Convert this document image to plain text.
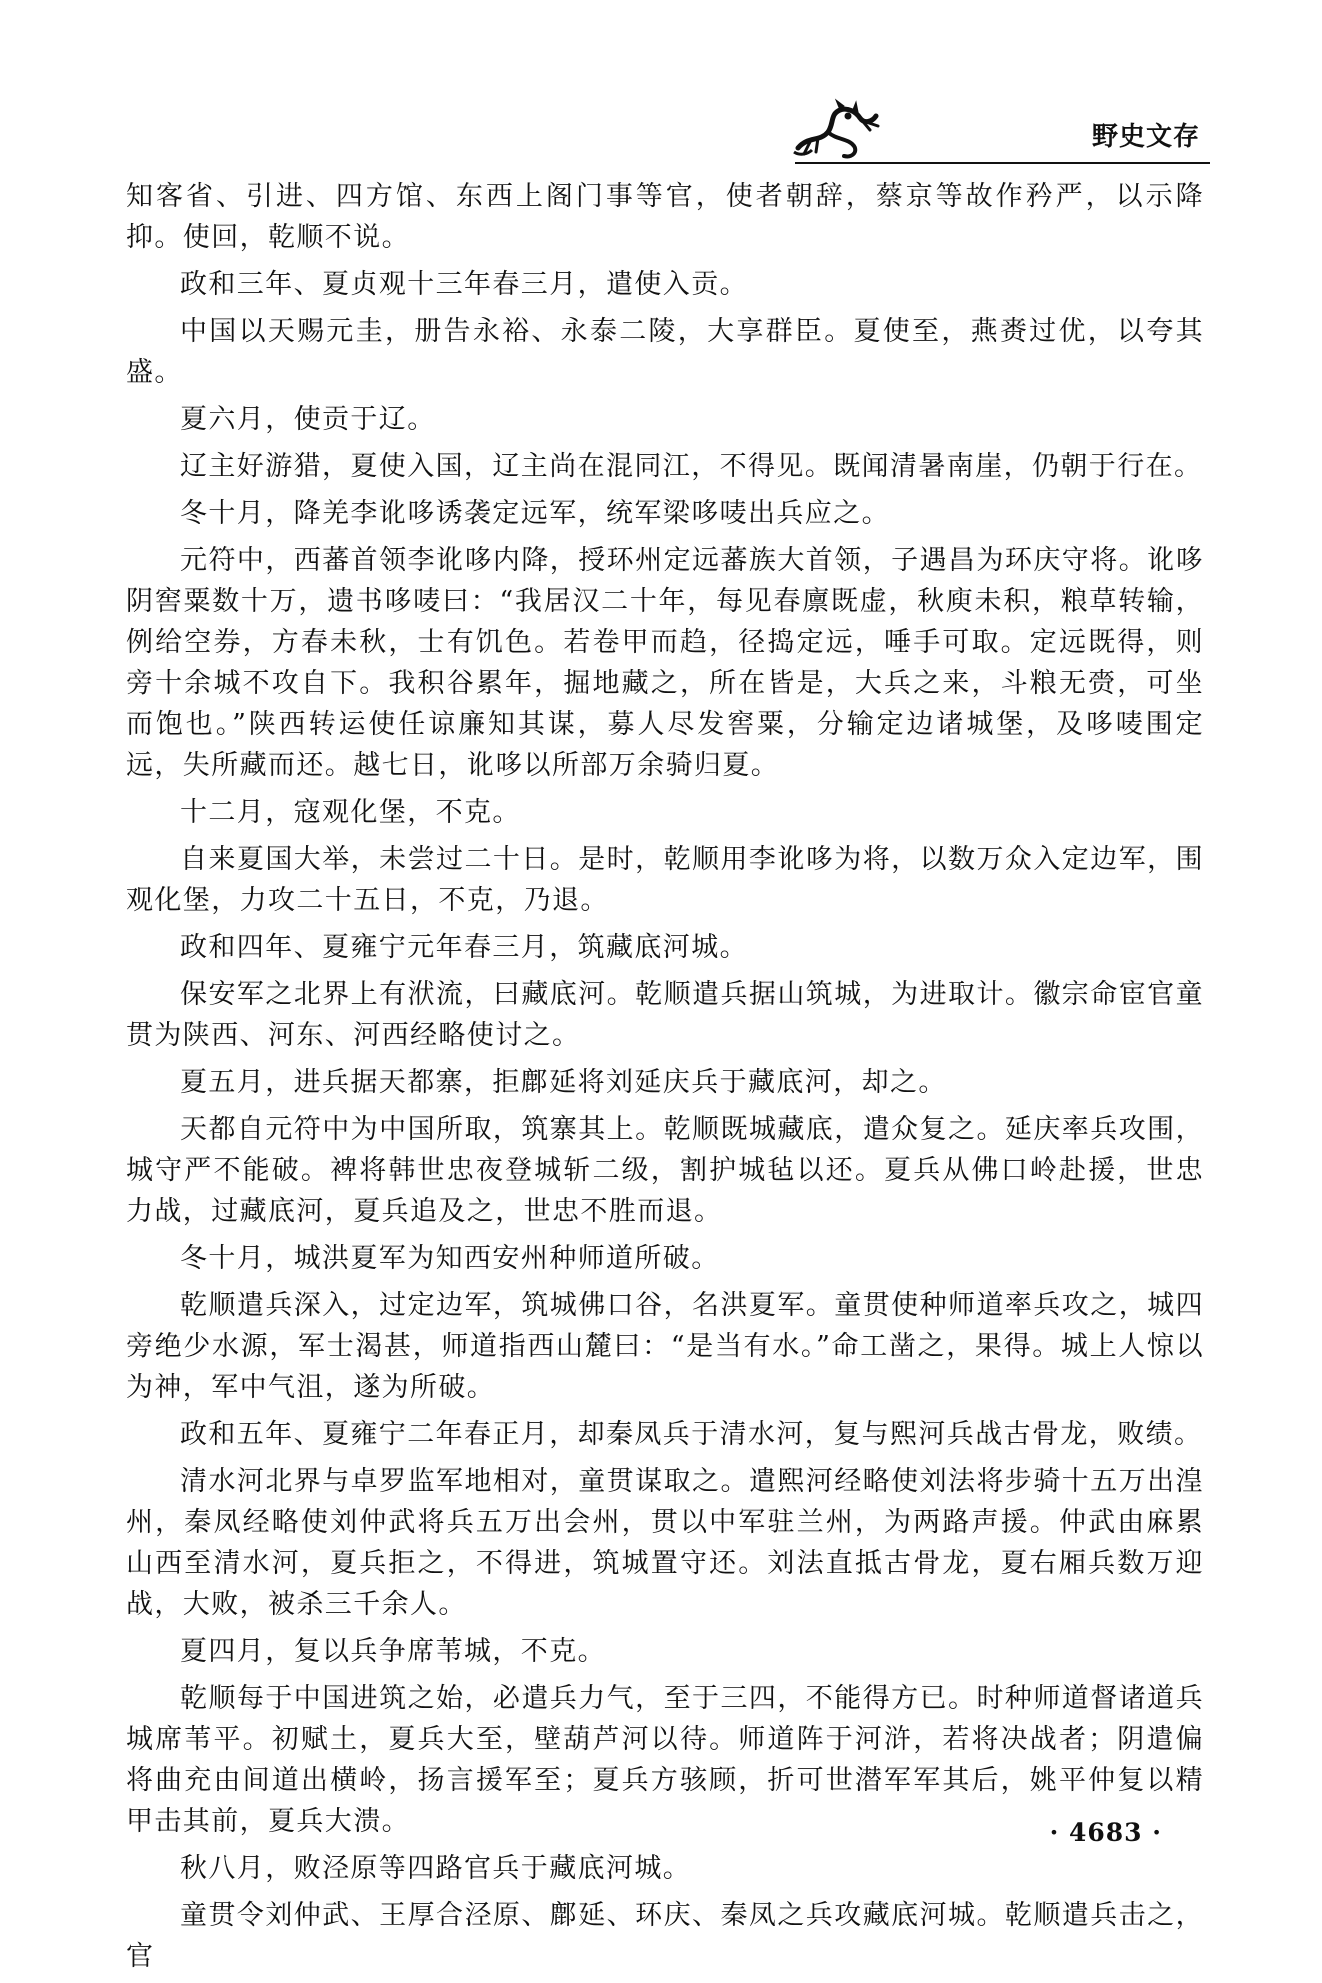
野史文存

知客省、引进、四方馆、东西上阁门事等官，使者朝辞，蔡京等故作矜严，以示降抑。使回，乾顺不说。

政和三年、夏贞观十三年春三月，遣使入贡。

中国以天赐元圭，册告永裕、永泰二陵，大享群臣。夏使至，燕赉过优，以夸其盛。

夏六月，使贡于辽。

辽主好游猎，夏使入国，辽主尚在混同江，不得见。既闻清暑南崖，仍朝于行在。

冬十月，降羌李讹哆诱袭定远军，统军梁哆唛出兵应之。

元符中，西蕃首领李讹哆内降，授环州定远蕃族大首领，子遇昌为环庆守将。讹哆阴窖粟数十万，遗书哆唛曰：“我居汉二十年，每见春廪既虚，秋庾未积，粮草转输，例给空券，方春未秋，士有饥色。若卷甲而趋，径捣定远，唾手可取。定远既得，则旁十余城不攻自下。我积谷累年，掘地藏之，所在皆是，大兵之来，斗粮无赍，可坐而饱也。”陕西转运使任谅廉知其谋，募人尽发窖粟，分输定边诸城堡，及哆唛围定远，失所藏而还。越七日，讹哆以所部万余骑归夏。

十二月，寇观化堡，不克。

自来夏国大举，未尝过二十日。是时，乾顺用李讹哆为将，以数万众入定边军，围观化堡，力攻二十五日，不克，乃退。

政和四年、夏雍宁元年春三月，筑藏底河城。

保安军之北界上有洑流，曰藏底河。乾顺遣兵据山筑城，为进取计。徽宗命宦官童贯为陕西、河东、河西经略使讨之。

夏五月，进兵据天都寨，拒鄜延将刘延庆兵于藏底河，却之。

天都自元符中为中国所取，筑寨其上。乾顺既城藏底，遣众复之。延庆率兵攻围，城守严不能破。裨将韩世忠夜登城斩二级，割护城毡以还。夏兵从佛口岭赴援，世忠力战，过藏底河，夏兵追及之，世忠不胜而退。

冬十月，城洪夏军为知西安州种师道所破。

乾顺遣兵深入，过定边军，筑城佛口谷，名洪夏军。童贯使种师道率兵攻之，城四旁绝少水源，军士渴甚，师道指西山麓曰：“是当有水。”命工凿之，果得。城上人惊以为神，军中气沮，遂为所破。

政和五年、夏雍宁二年春正月，却秦凤兵于清水河，复与熙河兵战古骨龙，败绩。

清水河北界与卓罗监军地相对，童贯谋取之。遣熙河经略使刘法将步骑十五万出湟州，秦凤经略使刘仲武将兵五万出会州，贯以中军驻兰州，为两路声援。仲武由麻累山西至清水河，夏兵拒之，不得进，筑城置守还。刘法直抵古骨龙，夏右厢兵数万迎战，大败，被杀三千余人。

夏四月，复以兵争席苇城，不克。

乾顺每于中国进筑之始，必遣兵力气，至于三四，不能得方已。时种师道督诸道兵城席苇平。初赋土，夏兵大至，壁葫芦河以待。师道阵于河浒，若将决战者；阴遣偏将曲充由间道出横岭，扬言援军至；夏兵方骇顾，折可世潜军军其后，姚平仲复以精甲击其前，夏兵大溃。

秋八月，败泾原等四路官兵于藏底河城。

童贯令刘仲武、王厚合泾原、鄜延、环庆、秦凤之兵攻藏底河城。乾顺遣兵击之，官

· 4683 ·
